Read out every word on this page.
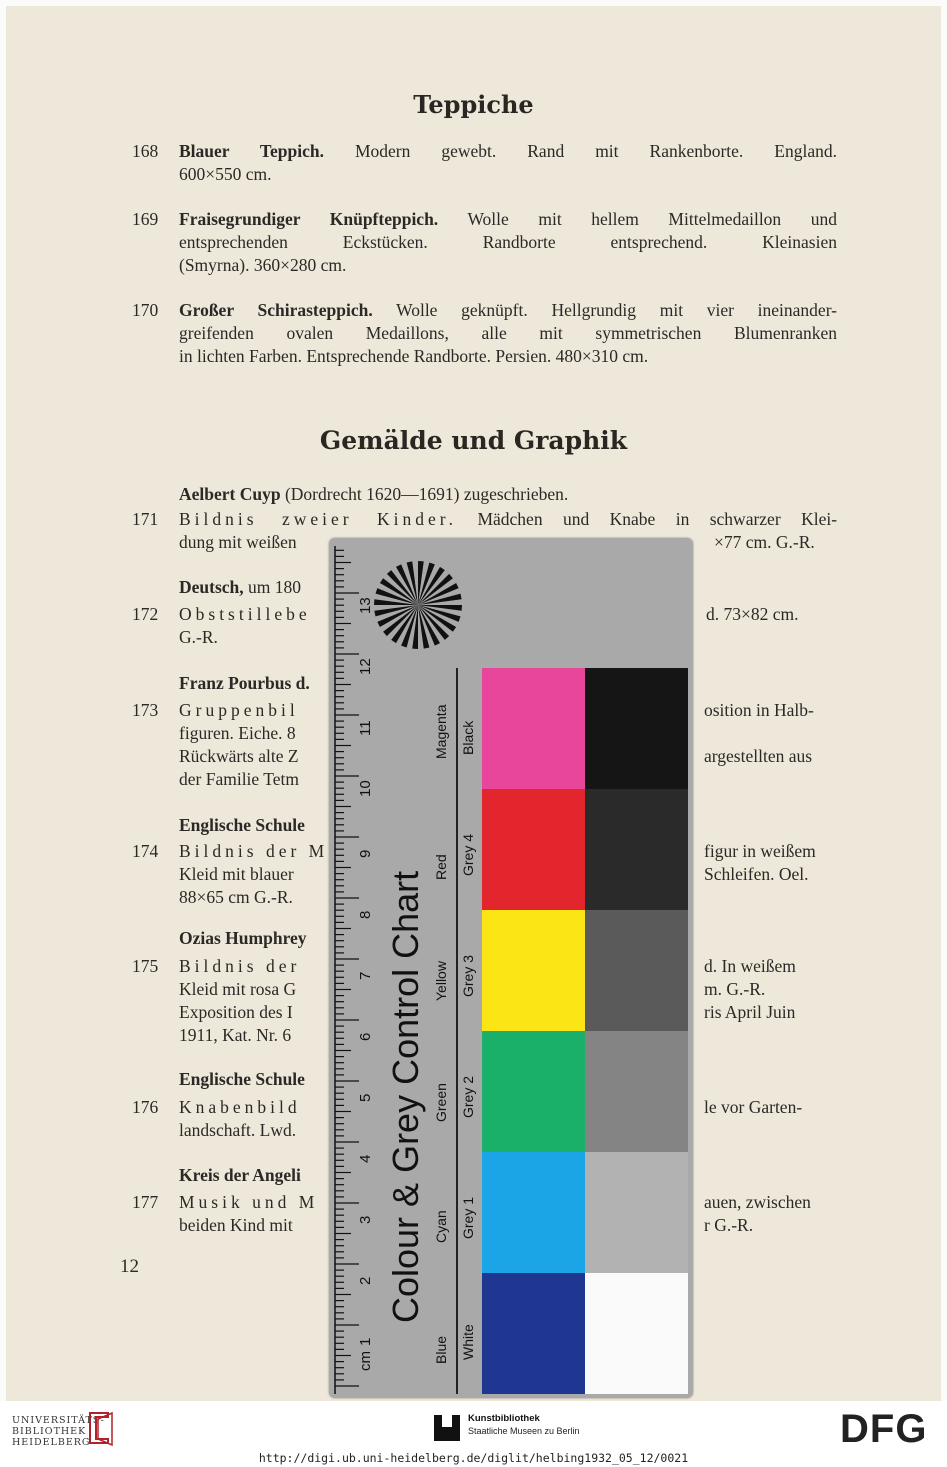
Teppiche
168 Blauer Teppich. Modern gewebt. Rand mit Rankenborte. England.
600×550 cm.
169 Fraisegrundiger Knüpfteppich. Wolle mit hellem Mittelmedaillon und
entsprechenden Eckstücken. Randborte entsprechend. Kleinasien
(Smyrna). 360×280 cm.
170 Großer Schirasteppich. Wolle geknüpft. Hellgrundig mit vier ineinander-
greifenden ovalen Medaillons, alle mit symmetrischen Blumenranken
in lichten Farben. Entsprechende Randborte. Persien. 480×310 cm.
Gemälde und Graphik
Aelbert Cuyp (Dordrecht 1620—1691) zugeschrieben.
171 Bildnis zweier Kinder. Mädchen und Knabe in schwarzer Klei-
dung mit weißen	×77 cm. G.-R.
Deutsch, um 180
172 Obststillebe	d. 73×82 cm.
G.-R.
Franz Pourbus d.
173 Gruppenbil	osition in Halb-
figuren. Eiche. 8
Rückwärts alte Z	argestellten aus
der Familie Tetm
Englische Schule
174 Bildnis der M	figur in weißem
Kleid mit blauer	Schleifen. Oel.
88×65 cm G.-R.
Ozias Humphrey
175 Bildnis der	d. In weißem
Kleid mit rosa G	m. G.-R.
Exposition des I	ris April Juin
1911, Kat. Nr. 6
Englische Schule
176 Knabenbild	le vor Garten-
landschaft. Lwd.
Kreis der Angeli
177 Musik und M	auen, zwischen
beiden Kind mit	r G.-R.
12
cm
1
2
3
4
5
6
7
8
9
10
11
12
13
Colour & Grey Control Chart
Blue
Cyan
Green
Yellow
Red
Magenta
White
Grey 1
Grey 2
Grey 3
Grey 4
Black
UNIVERSITÄTS-
BIBLIOTHEK
HEIDELBERG
Kunstbibliothek
Staatliche Museen zu Berlin	DFG
http://digi.ub.uni-heidelberg.de/diglit/helbing1932_05_12/0021
